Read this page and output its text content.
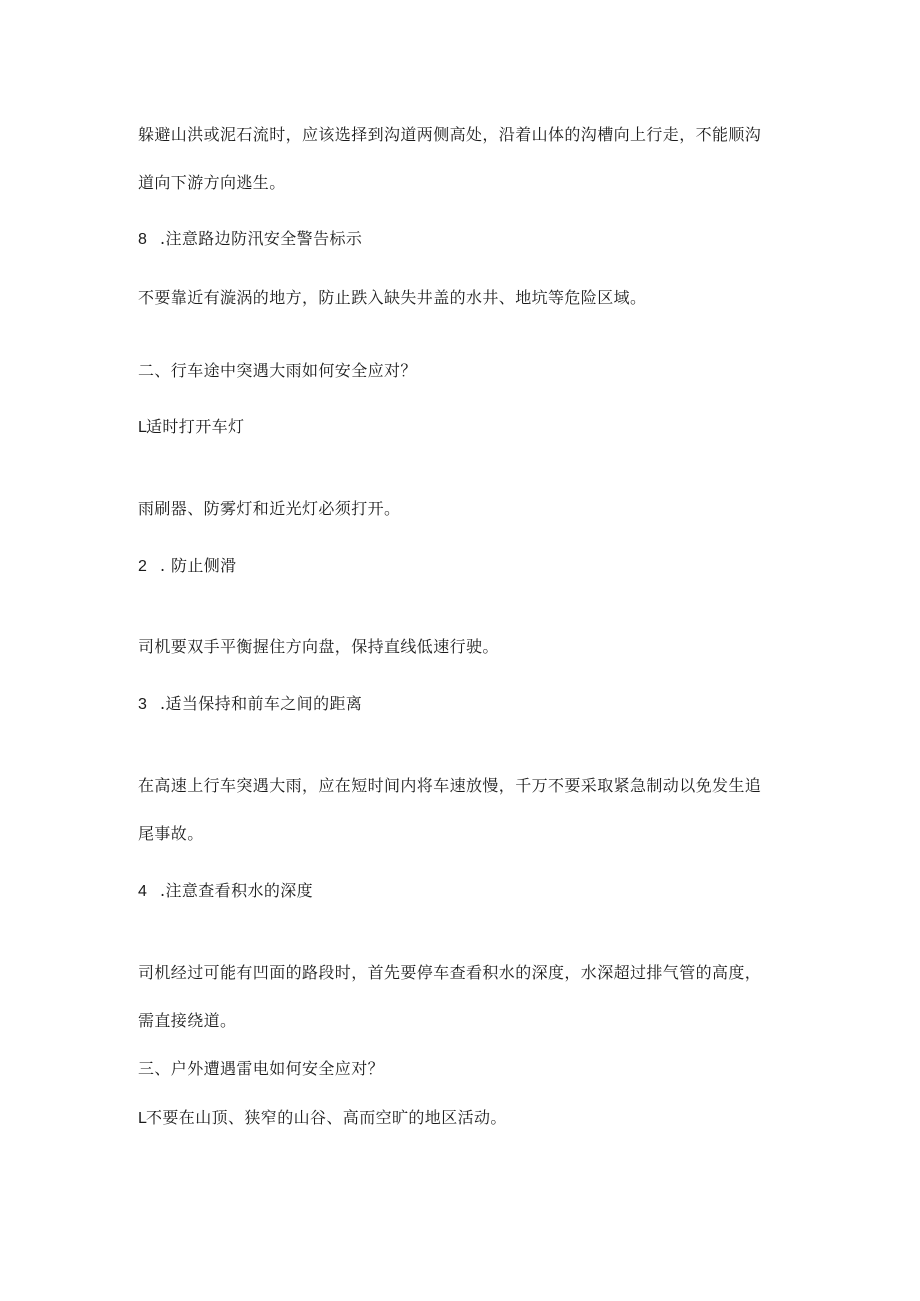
躲避山洪或泥石流时，应该选择到沟道两侧高处，沿着山体的沟槽向上行走，不能顺沟

道向下游方向逃生。

8 .注意路边防汛安全警告标示

不要靠近有漩涡的地方，防止跌入缺失井盖的水井、地坑等危险区域。

二、行车途中突遇大雨如何安全应对？

L适时打开车灯

雨刷器、防雾灯和近光灯必须打开。

2 . 防止侧滑

司机要双手平衡握住方向盘，保持直线低速行驶。

3 .适当保持和前车之间的距离

在高速上行车突遇大雨，应在短时间内将车速放慢，千万不要采取紧急制动以免发生追

尾事故。

4 .注意查看积水的深度

司机经过可能有凹面的路段时，首先要停车查看积水的深度，水深超过排气管的高度，

需直接绕道。

三、户外遭遇雷电如何安全应对？

L不要在山顶、狭窄的山谷、高而空旷的地区活动。
